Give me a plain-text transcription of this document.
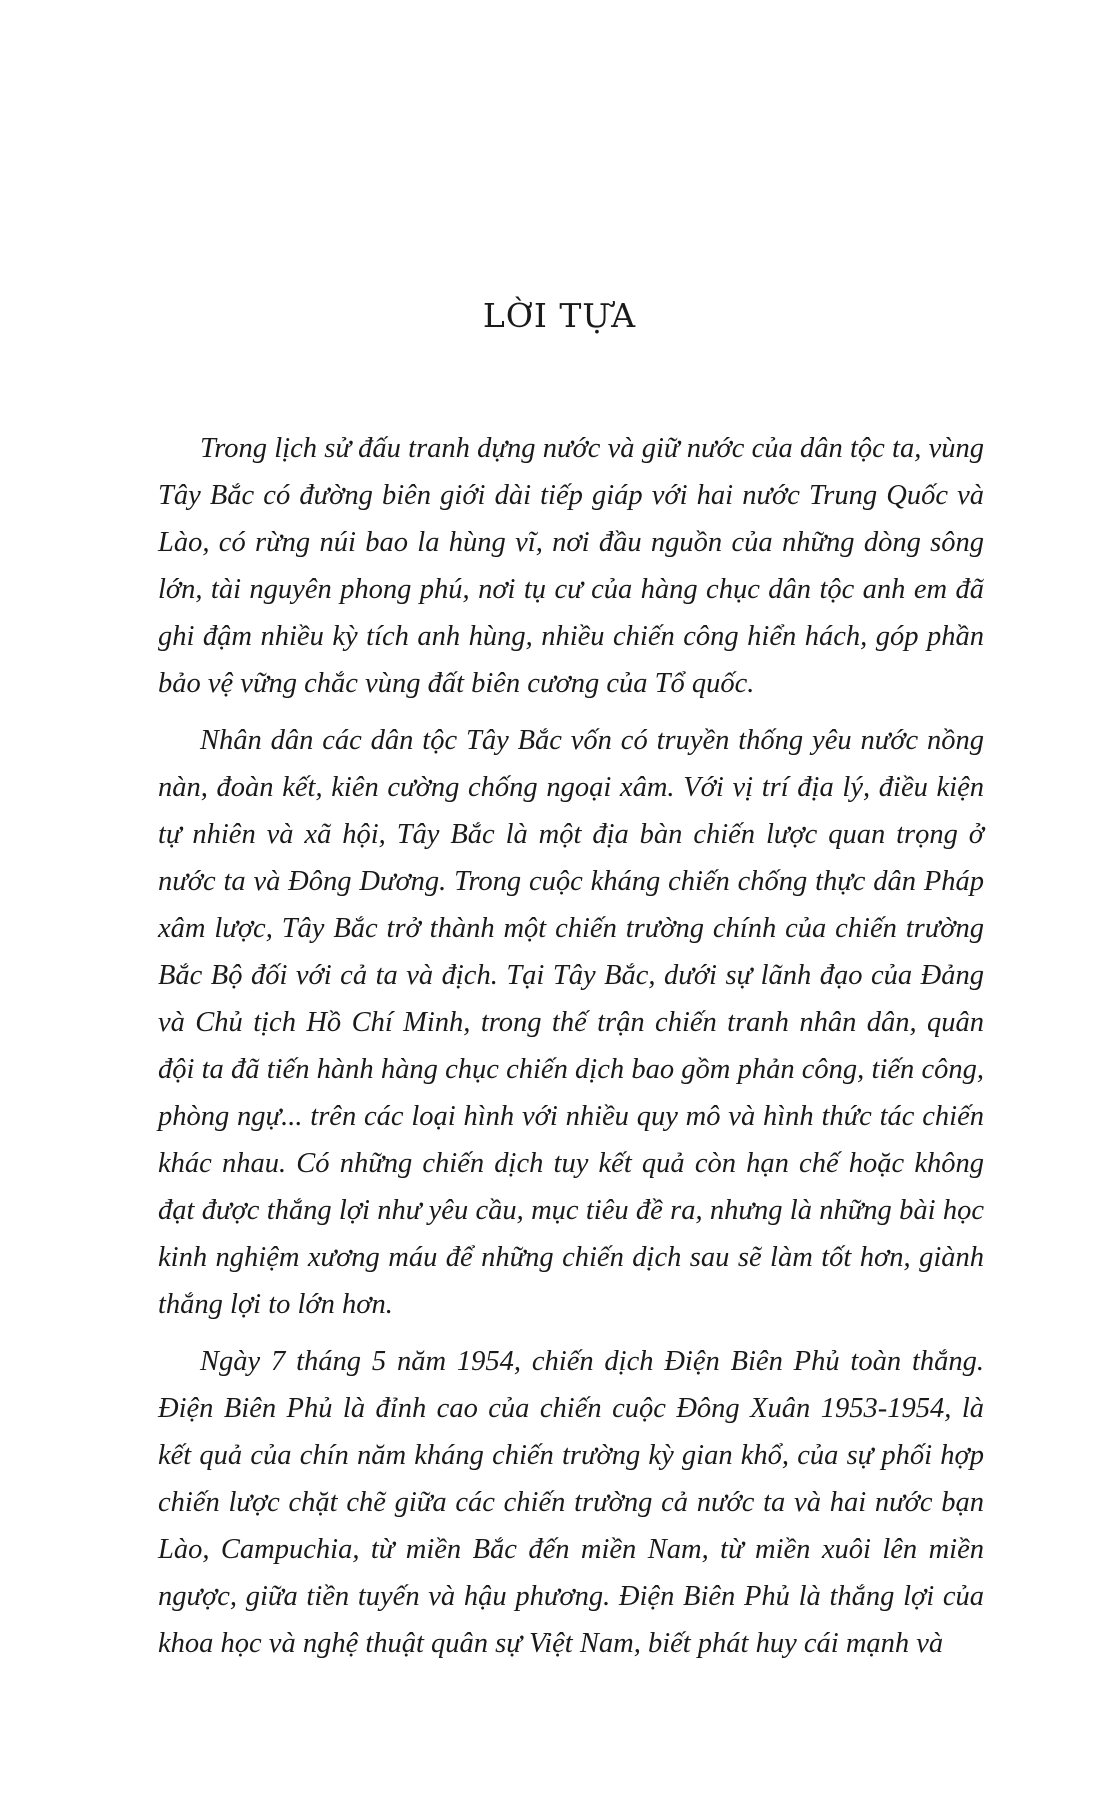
LỜI TỰA

Trong lịch sử đấu tranh dựng nước và giữ nước của dân tộc ta, vùng Tây Bắc có đường biên giới dài tiếp giáp với hai nước Trung Quốc và Lào, có rừng núi bao la hùng vĩ, nơi đầu nguồn của những dòng sông lớn, tài nguyên phong phú, nơi tụ cư của hàng chục dân tộc anh em đã ghi đậm nhiều kỳ tích anh hùng, nhiều chiến công hiển hách, góp phần bảo vệ vững chắc vùng đất biên cương của Tổ quốc.

Nhân dân các dân tộc Tây Bắc vốn có truyền thống yêu nước nồng nàn, đoàn kết, kiên cường chống ngoại xâm. Với vị trí địa lý, điều kiện tự nhiên và xã hội, Tây Bắc là một địa bàn chiến lược quan trọng ở nước ta và Đông Dương. Trong cuộc kháng chiến chống thực dân Pháp xâm lược, Tây Bắc trở thành một chiến trường chính của chiến trường Bắc Bộ đối với cả ta và địch. Tại Tây Bắc, dưới sự lãnh đạo của Đảng và Chủ tịch Hồ Chí Minh, trong thế trận chiến tranh nhân dân, quân đội ta đã tiến hành hàng chục chiến dịch bao gồm phản công, tiến công, phòng ngự... trên các loại hình với nhiều quy mô và hình thức tác chiến khác nhau. Có những chiến dịch tuy kết quả còn hạn chế hoặc không đạt được thắng lợi như yêu cầu, mục tiêu đề ra, nhưng là những bài học kinh nghiệm xương máu để những chiến dịch sau sẽ làm tốt hơn, giành thắng lợi to lớn hơn.

Ngày 7 tháng 5 năm 1954, chiến dịch Điện Biên Phủ toàn thắng. Điện Biên Phủ là đỉnh cao của chiến cuộc Đông Xuân 1953-1954, là kết quả của chín năm kháng chiến trường kỳ gian khổ, của sự phối hợp chiến lược chặt chẽ giữa các chiến trường cả nước ta và hai nước bạn Lào, Campuchia, từ miền Bắc đến miền Nam, từ miền xuôi lên miền ngược, giữa tiền tuyến và hậu phương. Điện Biên Phủ là thắng lợi của khoa học và nghệ thuật quân sự Việt Nam, biết phát huy cái mạnh và
